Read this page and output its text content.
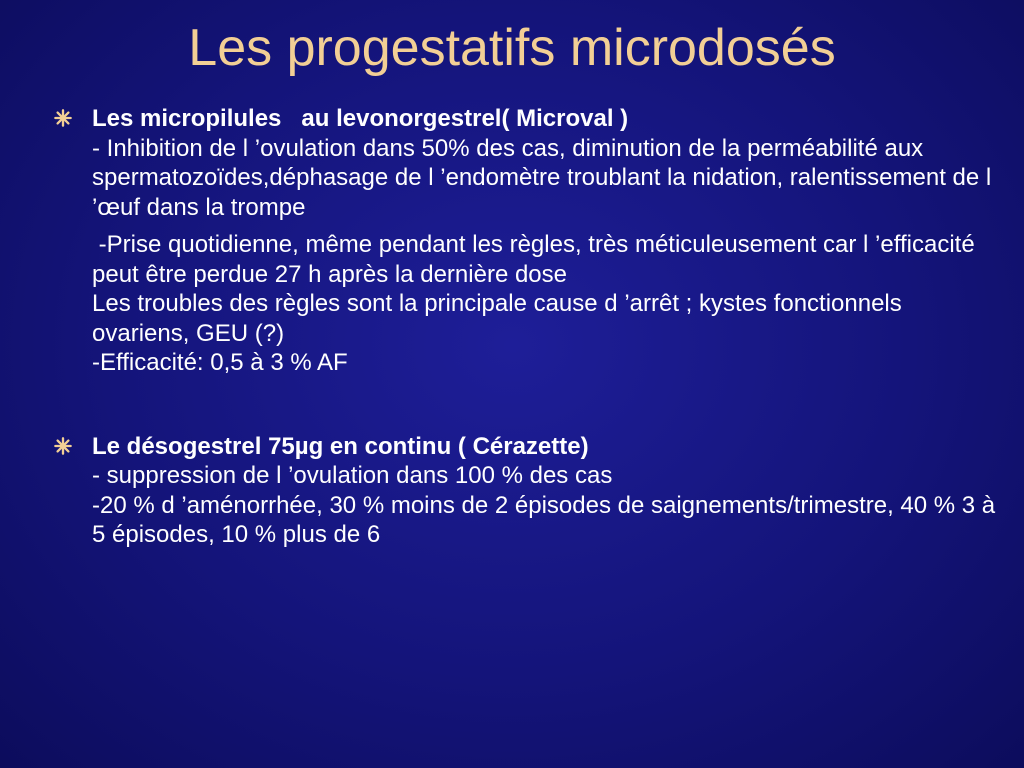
Les progestatifs microdosés
Les micropilules   au levonorgestrel( Microval )
- Inhibition de l ’ovulation dans 50% des cas, diminution de la perméabilité aux spermatozoïdes,déphasage de l ’endomètre troublant la nidation, ralentissement de l ’œuf dans la trompe
-Prise quotidienne, même pendant les règles, très méticuleusement car l ’efficacité peut être perdue 27 h après la dernière dose
Les troubles des règles sont la principale cause d ’arrêt ; kystes fonctionnels ovariens, GEU (?)
-Efficacité: 0,5 à 3 % AF
Le désogestrel 75µg en continu ( Cérazette)
- suppression de l ’ovulation dans 100 % des cas
-20 % d ’aménorrhée, 30 % moins de 2 épisodes de saignements/trimestre, 40 % 3 à 5 épisodes, 10 % plus de 6
